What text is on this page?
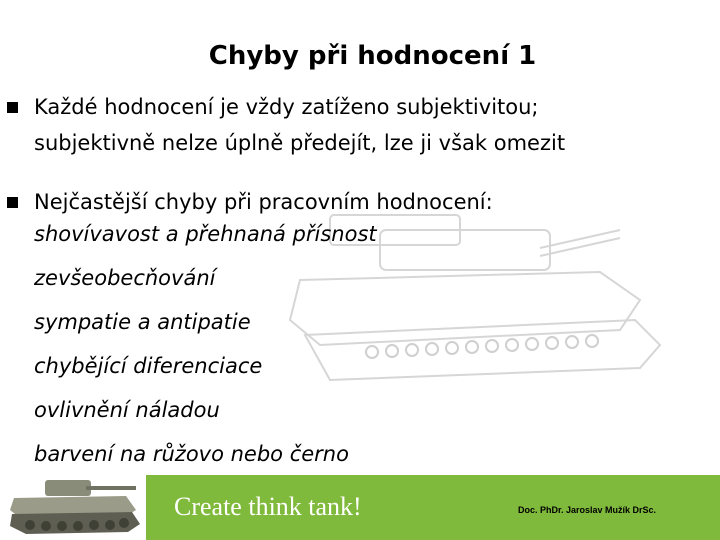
Chyby při hodnocení 1
Každé hodnocení je vždy zatíženo subjektivitou;
subjektivně nelze úplně předejít, lze ji však omezit
Nejčastější chyby při pracovním hodnocení:
shovívavost a přehnaná přísnost
zevšeobecňování
sympatie a antipatie
chybějící diferenciace
ovlivnění náladou
barvení na růžovo nebo černo
Create think tank!	Doc. PhDr. Jaroslav Mužík DrSc.
